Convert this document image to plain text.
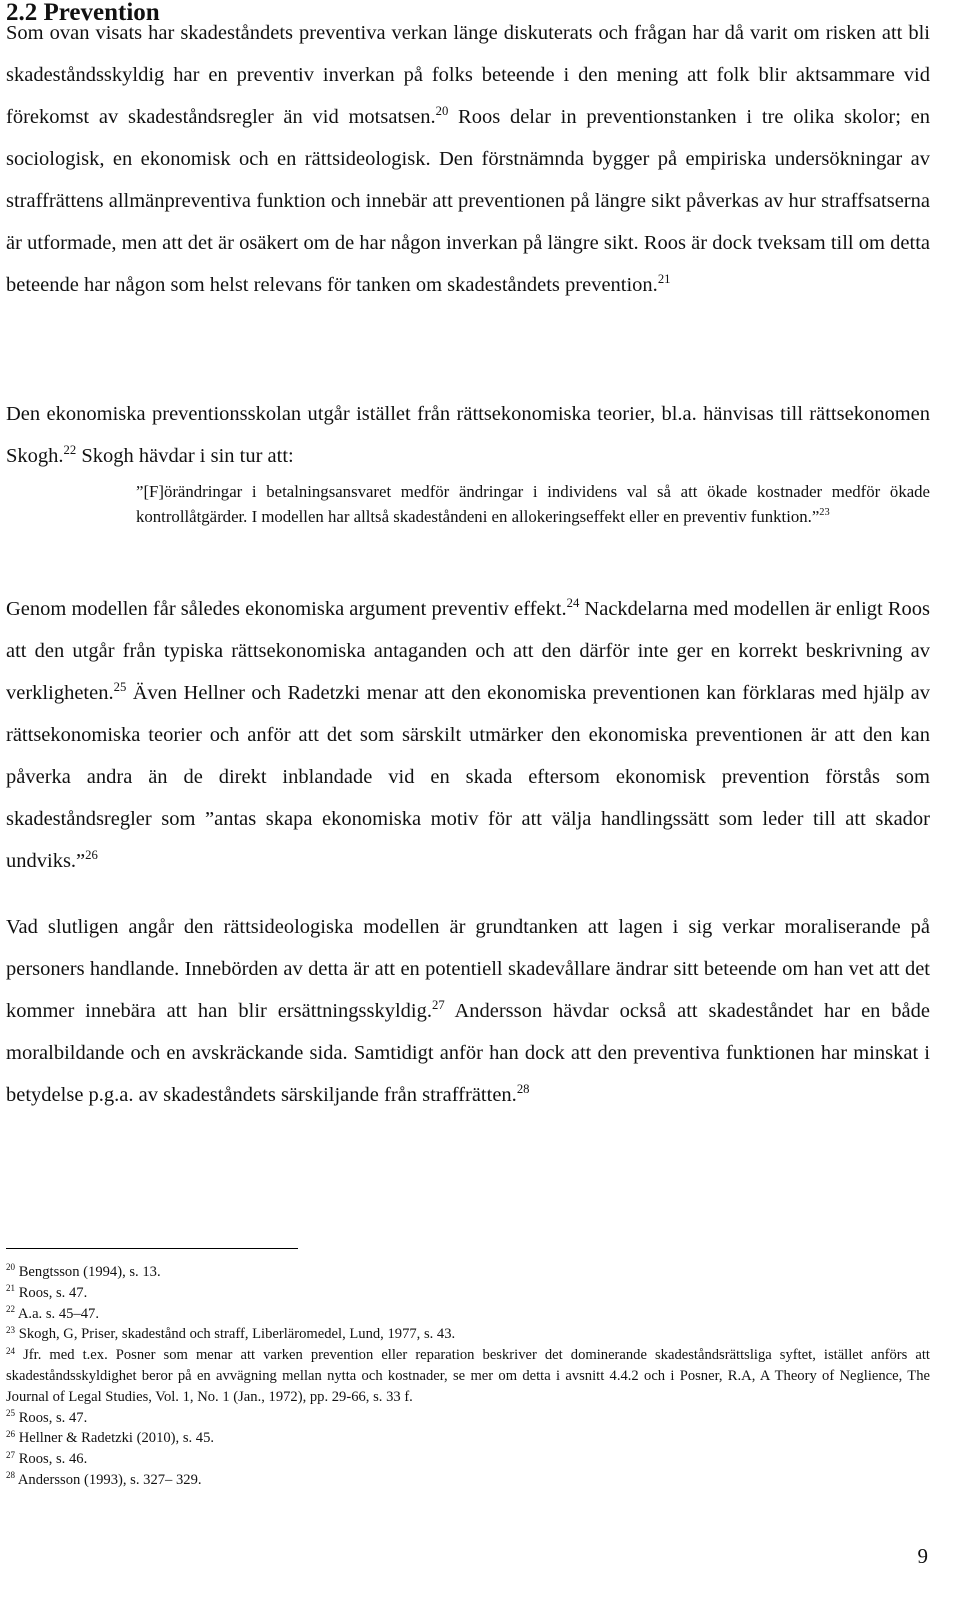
2.2 Prevention

Som ovan visats har skadeståndets preventiva verkan länge diskuterats och frågan har då varit om risken att bli skadeståndsskyldig har en preventiv inverkan på folks beteende i den mening att folk blir aktsammare vid förekomst av skadeståndsregler än vid motsatsen.$^{20}$ Roos delar in preventionstanken i tre olika skolor; en sociologisk, en ekonomisk och en rättsideologisk. Den förstnämnda bygger på empiriska undersökningar av straffrättens allmänpreventiva funktion och innebär att preventionen på längre sikt påverkas av hur straffsatserna är utformade, men att det är osäkert om de har någon inverkan på längre sikt. Roos är dock tveksam till om detta beteende har någon som helst relevans för tanken om skadeståndets prevention.$^{21}$

Den ekonomiska preventionsskolan utgår istället från rättsekonomiska teorier, bl.a. hänvisas till rättsekonomen Skogh.$^{22}$ Skogh hävdar i sin tur att:

”[F]örändringar i betalningsansvaret medför ändringar i individens val så att ökade kostnader medför ökade kontrollåtgärder. I modellen har alltså skadeståndeni en allokeringseffekt eller en preventiv funktion.”$^{23}$

Genom modellen får således ekonomiska argument preventiv effekt.$^{24}$ Nackdelarna med modellen är enligt Roos att den utgår från typiska rättsekonomiska antaganden och att den därför inte ger en korrekt beskrivning av verkligheten.$^{25}$ Även Hellner och Radetzki menar att den ekonomiska preventionen kan förklaras med hjälp av rättsekonomiska teorier och anför att det som särskilt utmärker den ekonomiska preventionen är att den kan påverka andra än de direkt inblandade vid en skada eftersom ekonomisk prevention förstås som skadeståndsregler som ”antas skapa ekonomiska motiv för att välja handlingssätt som leder till att skador undviks.”$^{26}$

Vad slutligen angår den rättsideologiska modellen är grundtanken att lagen i sig verkar moraliserande på personers handlande. Innebörden av detta är att en potentiell skadevållare ändrar sitt beteende om han vet att det kommer innebära att han blir ersättningsskyldig.$^{27}$ Andersson hävdar också att skadeståndet har en både moralbildande och en avskräckande sida. Samtidigt anför han dock att den preventiva funktionen har minskat i betydelse p.g.a. av skadeståndets särskiljande från straffrätten.$^{28}$

$^{20}$ Bengtsson (1994), s. 13.

$^{21}$ Roos, s. 47.

$^{22}$ A.a. s. 45–47.

$^{23}$ Skogh, G, Priser, skadestånd och straff, Liberläromedel, Lund, 1977, s. 43.

$^{24}$ Jfr. med t.ex. Posner som menar att varken prevention eller reparation beskriver det dominerande skadeståndsrättsliga syftet, istället anförs att skadeståndsskyldighet beror på en avvägning mellan nytta och kostnader, se mer om detta i avsnitt 4.4.2 och i Posner, R.A, A Theory of Neglience, The Journal of Legal Studies, Vol. 1, No. 1 (Jan., 1972), pp. 29-66, s. 33 f.

$^{25}$ Roos, s. 47.

$^{26}$ Hellner & Radetzki (2010), s. 45.

$^{27}$ Roos, s. 46.

$^{28}$ Andersson (1993), s. 327– 329.

9
